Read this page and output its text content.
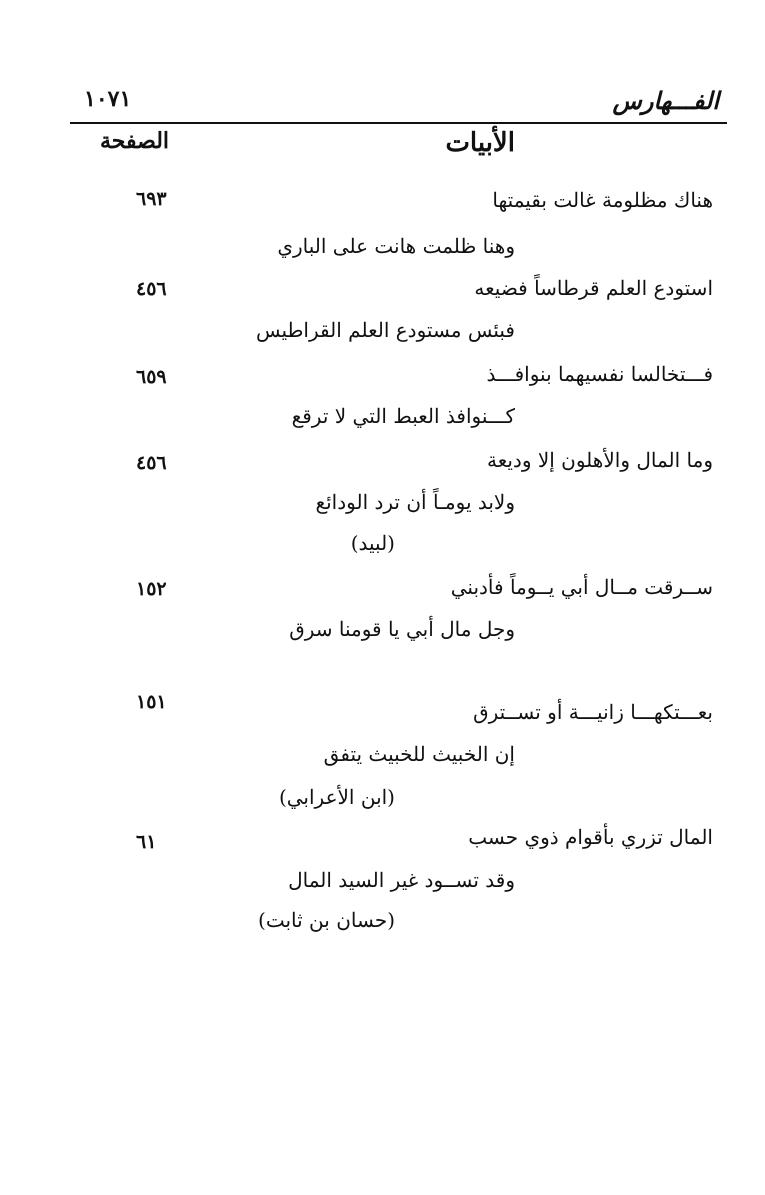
الفـــهارس
١٠٧١
الأبيات
الصفحة
هناك مظلومة غالت بقيمتها
٦٩٣
وهنا ظلمت هانت على الباري
استودع العلم قرطاساً فضيعه
٤٥٦
فبئس مستودع العلم القراطيس
فـــتخالسا نفسيهما بنوافـــذ
٦٥٩
كـــنوافذ العبط التي لا ترقع
وما المال والأهلون إلا وديعة
٤٥٦
ولابد يومـاً أن ترد الودائع
(لبيد)
ســرقت مــال أبي يــوماً فأدبني
١٥٢
وجل مال أبي يا قومنا سرق
بعـــتكهـــا زانيـــة أو تســترق
١٥١
إن الخبيث للخبيث يتفق
(ابن الأعرابي)
المال تزري بأقوام ذوي حسب
٦١
وقد تســود غير السيد المال
(حسان بن ثابت)
